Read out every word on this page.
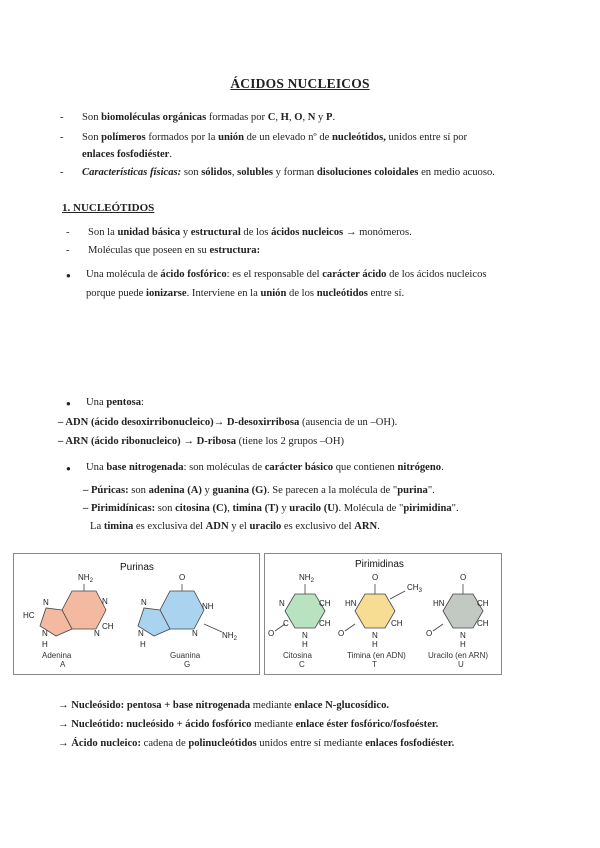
ÁCIDOS NUCLEICOS
- Son biomoléculas orgánicas formadas por C, H, O, N y P.
- Son polímeros formados por la unión de un elevado nº de nucleótidos, unidos entre sí por
enlaces fosfodiéster.
- Características físicas: son sólidos, solubles y forman disoluciones coloidales en medio acuoso.
1. NUCLEÓTIDOS
- Son la unidad básica y estructural de los ácidos nucleicos → monómeros.
- Moléculas que poseen en su estructura:
● Una molécula de ácido fosfórico: es el responsable del carácter ácido de los ácidos nucleicos
porque puede ionizarse. Interviene en la unión de los nucleótidos entre sí.
● Una pentosa:
– ADN (ácido desoxirribonucleico)→ D-desoxirribosa (ausencia de un –OH).
– ARN (ácido ribonucleico) → D-ribosa (tiene los 2 grupos –OH)
● Una base nitrogenada: son moléculas de carácter básico que contienen nitrógeno.
– Púricas: son adenina (A) y guanina (G). Se parecen a la molécula de "purina".
– Pirimidínicas: son citosina (C), timina (T) y uracilo (U). Molécula de "pirimidina".
La timina es exclusiva del ADN y el uracilo es exclusivo del ARN.
Purinas
$NH_2$
N
CH
N
N
HC
N
H
Adenina
A
O
NH
$NH_2$
N
N
N
H
Guanina
G
Pirimidinas
$NH_2$
N	CH
CH
C
O	N
H
Citosina
C
O
$CH_3$
HN
CH
O	N
H
Timina (en ADN)
T
O
HN	CH
CH
O	N
H
Uracilo (en ARN)
U
→ Nucleósido: pentosa + base nitrogenada mediante enlace N-glucosídico.
→ Nucleótido: nucleósido + ácido fosfórico mediante enlace éster fosfórico/fosfoéster.
→ Ácido nucleico: cadena de polinucleótidos unidos entre sí mediante enlaces fosfodiéster.
